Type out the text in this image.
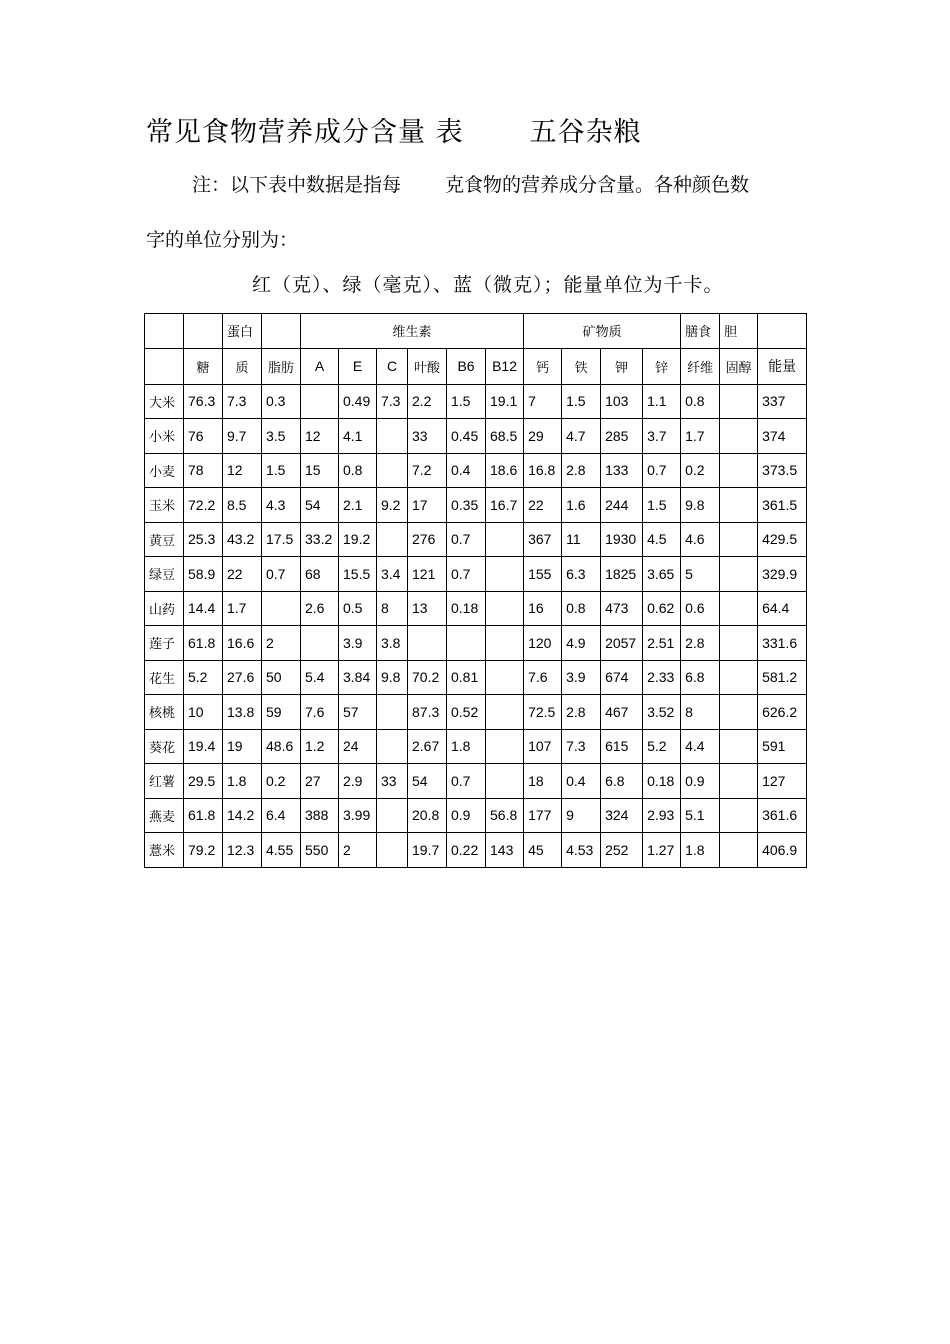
常见食物营养成分含量 表 五谷杂粮
注：以下表中数据是指每 克食物的营养成分含量。各种颜色数
字的单位分别为：
红（克）、绿（毫克）、蓝（微克）；能量单位为千卡。
		蛋白		维生素						矿物质				膳食	胆	
	糖	质	脂肪	A	E	C	叶酸	B6	B12	钙	铁	钾	锌	纤维	固醇	能量
大米	76.3	7.3	0.3		0.49	7.3	2.2	1.5	19.1	7	1.5	103	1.1	0.8		337
小米	76	9.7	3.5	12	4.1		33	0.45	68.5	29	4.7	285	3.7	1.7		374
小麦	78	12	1.5	15	0.8		7.2	0.4	18.6	16.8	2.8	133	0.7	0.2		373.5
玉米	72.2	8.5	4.3	54	2.1	9.2	17	0.35	16.7	22	1.6	244	1.5	9.8		361.5
黄豆	25.3	43.2	17.5	33.2	19.2		276	0.7		367	11	1930	4.5	4.6		429.5
绿豆	58.9	22	0.7	68	15.5	3.4	121	0.7		155	6.3	1825	3.65	5		329.9
山药	14.4	1.7		2.6	0.5	8	13	0.18		16	0.8	473	0.62	0.6		64.4
莲子	61.8	16.6	2		3.9	3.8				120	4.9	2057	2.51	2.8		331.6
花生	5.2	27.6	50	5.4	3.84	9.8	70.2	0.81		7.6	3.9	674	2.33	6.8		581.2
核桃	10	13.8	59	7.6	57		87.3	0.52		72.5	2.8	467	3.52	8		626.2
葵花	19.4	19	48.6	1.2	24		2.67	1.8		107	7.3	615	5.2	4.4		591
红薯	29.5	1.8	0.2	27	2.9	33	54	0.7		18	0.4	6.8	0.18	0.9		127
燕麦	61.8	14.2	6.4	388	3.99		20.8	0.9	56.8	177	9	324	2.93	5.1		361.6
薏米	79.2	12.3	4.55	550	2		19.7	0.22	143	45	4.53	252	1.27	1.8		406.9
